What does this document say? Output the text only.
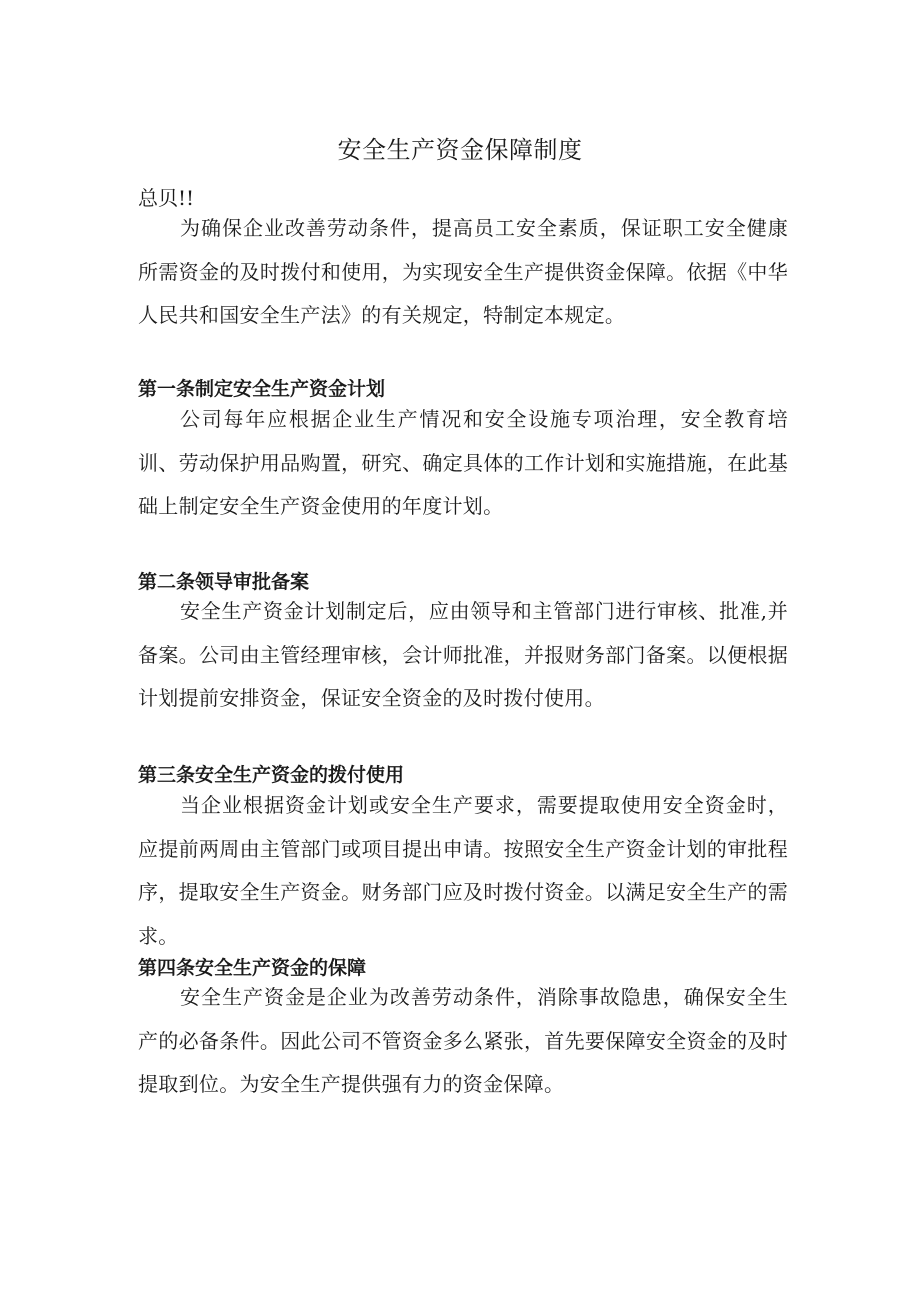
安全生产资金保障制度
总贝!!

为确保企业改善劳动条件，提高员工安全素质，保证职工安全健康所需资金的及时拨付和使用，为实现安全生产提供资金保障。依据《中华人民共和国安全生产法》的有关规定，特制定本规定。

第一条制定安全生产资金计划

公司每年应根据企业生产情况和安全设施专项治理，安全教育培训、劳动保护用品购置，研究、确定具体的工作计划和实施措施，在此基础上制定安全生产资金使用的年度计划。

第二条领导审批备案

安全生产资金计划制定后，应由领导和主管部门进行审核、批准,并备案。公司由主管经理审核，会计师批准，并报财务部门备案。以便根据计划提前安排资金，保证安全资金的及时拨付使用。

第三条安全生产资金的拨付使用

当企业根据资金计划或安全生产要求，需要提取使用安全资金时，应提前两周由主管部门或项目提出申请。按照安全生产资金计划的审批程序，提取安全生产资金。财务部门应及时拨付资金。以满足安全生产的需求。

第四条安全生产资金的保障

安全生产资金是企业为改善劳动条件，消除事故隐患，确保安全生产的必备条件。因此公司不管资金多么紧张，首先要保障安全资金的及时提取到位。为安全生产提供强有力的资金保障。
